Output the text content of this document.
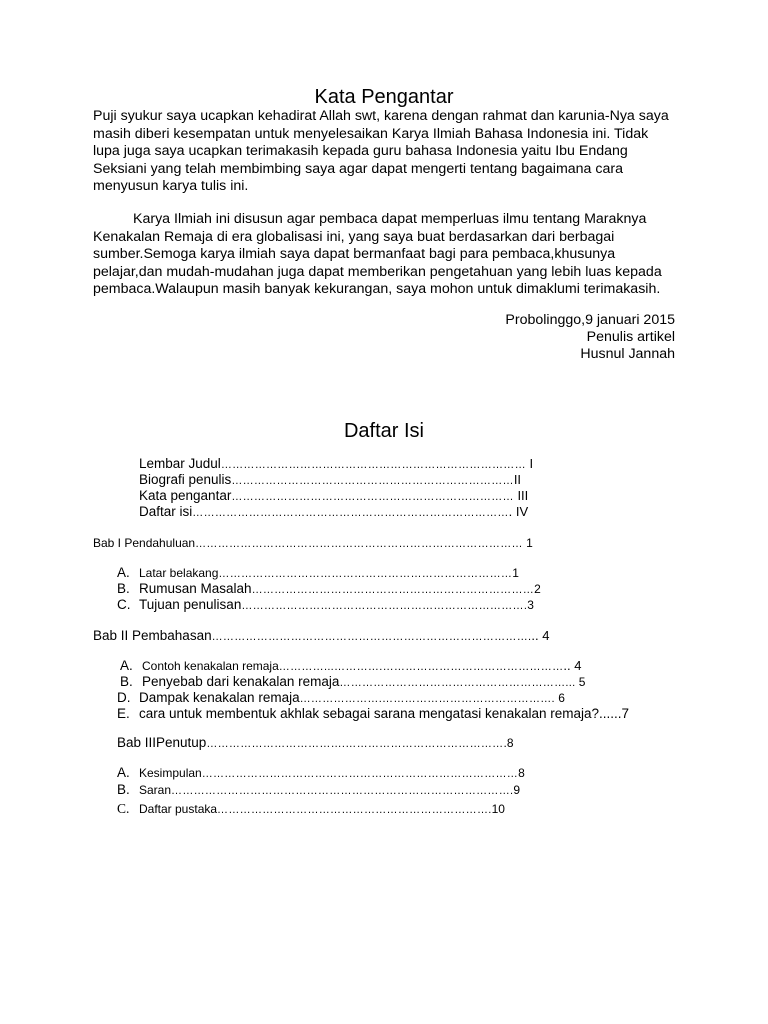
Kata Pengantar

Puji syukur saya ucapkan kehadirat Allah swt, karena dengan rahmat dan karunia-Nya saya masih diberi kesempatan untuk menyelesaikan Karya Ilmiah Bahasa Indonesia ini. Tidak lupa juga saya ucapkan terimakasih kepada guru bahasa Indonesia yaitu Ibu Endang Seksiani yang telah membimbing saya agar dapat mengerti tentang bagaimana cara menyusun karya tulis ini.

Karya Ilmiah ini disusun agar pembaca dapat memperluas ilmu tentang Maraknya Kenakalan Remaja di era globalisasi ini, yang saya buat berdasarkan dari berbagai sumber.Semoga karya ilmiah saya dapat bermanfaat bagi para pembaca,khusunya pelajar,dan mudah-mudahan juga dapat memberikan pengetahuan yang lebih luas kepada pembaca.Walaupun masih banyak kekurangan, saya mohon untuk dimaklumi terimakasih.

Probolinggo,9 januari 2015
Penulis artikel
Husnul Jannah
Daftar Isi
Lembar Judul……………………………………………………………………… I
Biografi penulis…………………………………………………………………II
Kata pengantar………………………………………………………………… III
Daftar isi…………………………………………………………………………. IV
Bab I Pendahuluan…………………………………………………………………………… 1
A. Latar belakang……………………………………………………………………1
B. Rumusan Masalah…………………………………………………………………2
C. Tujuan penulisan………………………………………………………………….3
Bab II Pembahasan…………………………………………………………………………... 4
A. Contoh kenakalan remaja…………...………….………………………………………….. 4
B. Penyebab dari kenakalan remaja……………………………………………………... 5
D. Dampak kenakalan remaja………………….………………………………………. 6
E. cara untuk membentuk akhlak sebagai sarana mengatasi kenakalan remaja?......7
Bab IIIPenutup……………………………….…………………………………….8
A. Kesimpulan…………………………………………………………………………8
B. Saran……………………………………………………………………………….9
C. Daftar pustaka……………………………………………………………….10
